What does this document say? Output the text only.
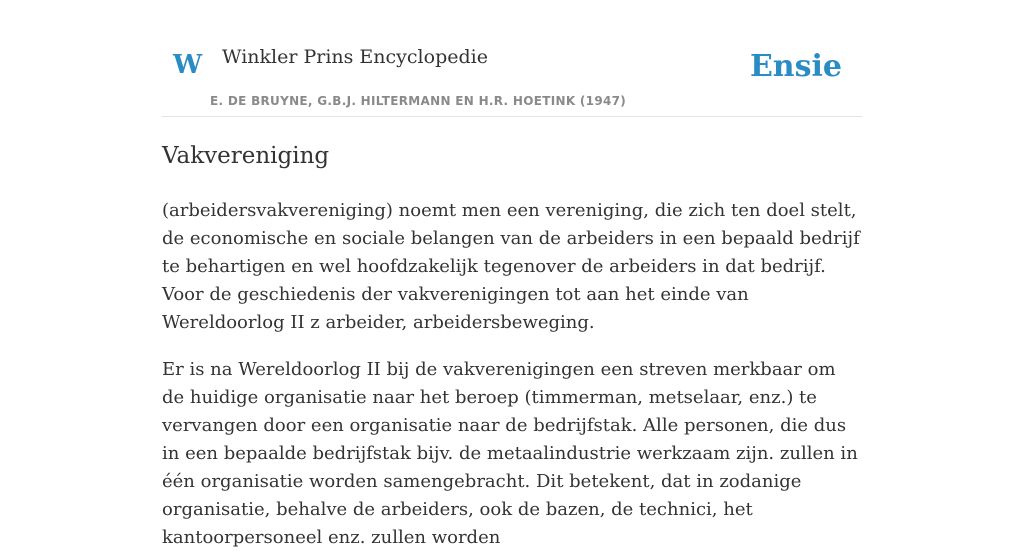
W Winkler Prins Encyclopedie
E. DE BRUYNE, G.B.J. HILTERMANN EN H.R. HOETINK (1947)
Ensie
Vakvereniging

(arbeidersvakvereniging) noemt men een vereniging, die zich ten doel stelt, de economische en sociale belangen van de arbeiders in een bepaald bedrijf te behartigen en wel hoofdzakelijk tegenover de arbeiders in dat bedrijf. Voor de geschiedenis der vakverenigingen tot aan het einde van Wereldoorlog II z arbeider, arbeidersbeweging.

Er is na Wereldoorlog II bij de vakverenigingen een streven merkbaar om de huidige organisatie naar het beroep (timmerman, metselaar, enz.) te vervangen door een organisatie naar de bedrijfstak. Alle personen, die dus in een bepaalde bedrijfstak bijv. de metaalindustrie werkzaam zijn. zullen in één organisatie worden samengebracht. Dit betekent, dat in zodanige organisatie, behalve de arbeiders, ook de bazen, de technici, het kantoorpersoneel enz. zullen worden
